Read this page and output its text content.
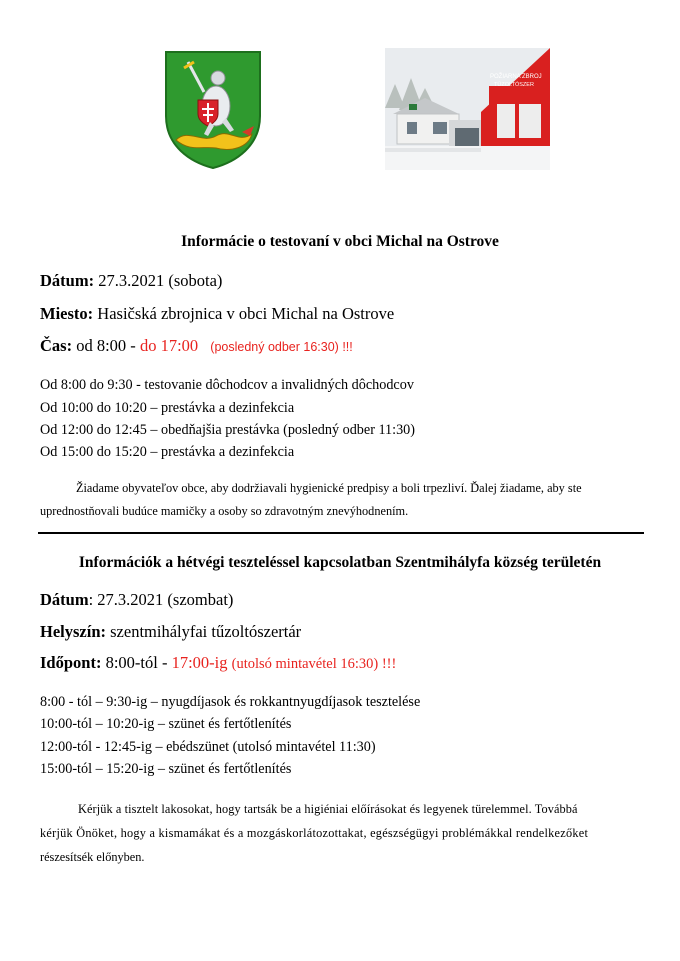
POŽIARNA ZBROJ
TŰZOLTÓSZER
Informácie o testovaní v obci Michal na Ostrove
Dátum: 27.3.2021 (sobota)
Miesto: Hasičská zbrojnica v obci Michal na Ostrove
Čas: od 8:00 - do 17:00 (posledný odber 16:30) !!!
Od 8:00 do 9:30 - testovanie dôchodcov a invalidných dôchodcov
Od 10:00 do 10:20 – prestávka a dezinfekcia
Od 12:00 do 12:45 – obedňajšia prestávka (posledný odber 11:30)
Od 15:00 do 15:20 – prestávka a dezinfekcia
Žiadame obyvateľov obce, aby dodržiavali hygienické predpisy a boli trpezliví. Ďalej žiadame, aby ste
uprednostňovali budúce mamičky a osoby so zdravotným znevýhodnením.
Információk a hétvégi teszteléssel kapcsolatban Szentmihályfa község területén
Dátum: 27.3.2021 (szombat)
Helyszín: szentmihályfai tűzoltószertár
Időpont: 8:00-tól - 17:00-ig (utolsó mintavétel 16:30) !!!
8:00 - tól – 9:30-ig – nyugdíjasok és rokkantnyugdíjasok tesztelése
10:00-tól – 10:20-ig – szünet és fertőtlenítés
12:00-tól - 12:45-ig – ebédszünet (utolsó mintavétel 11:30)
15:00-tól – 15:20-ig – szünet és fertőtlenítés
Kérjük a tisztelt lakosokat, hogy tartsák be a higiéniai előírásokat és legyenek türelemmel. Továbbá
kérjük Önöket, hogy a kismamákat és a mozgáskorlátozottakat, egészségügyi problémákkal rendelkezőket
részesítsék előnyben.
